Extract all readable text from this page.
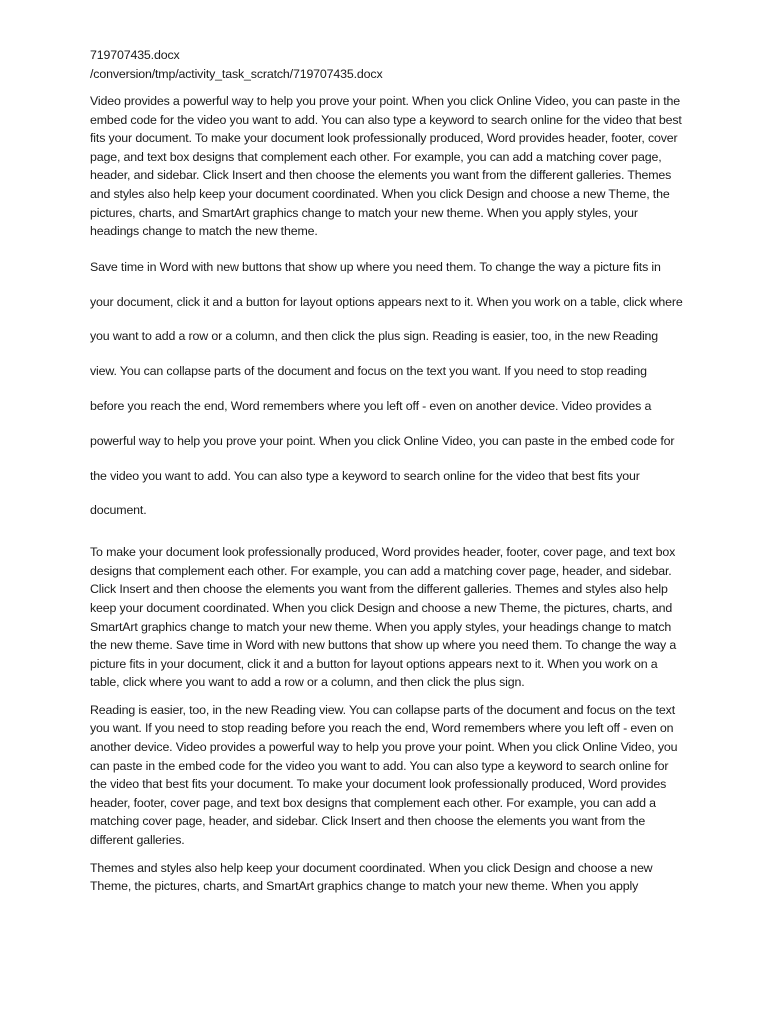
719707435.docx
/conversion/tmp/activity_task_scratch/719707435.docx

Video provides a powerful way to help you prove your point. When you click Online Video, you can paste in the embed code for the video you want to add. You can also type a keyword to search online for the video that best fits your document. To make your document look professionally produced, Word provides header, footer, cover page, and text box designs that complement each other. For example, you can add a matching cover page, header, and sidebar. Click Insert and then choose the elements you want from the different galleries. Themes and styles also help keep your document coordinated. When you click Design and choose a new Theme, the pictures, charts, and SmartArt graphics change to match your new theme. When you apply styles, your headings change to match the new theme.

Save time in Word with new buttons that show up where you need them. To change the way a picture fits in your document, click it and a button for layout options appears next to it. When you work on a table, click where you want to add a row or a column, and then click the plus sign. Reading is easier, too, in the new Reading view. You can collapse parts of the document and focus on the text you want. If you need to stop reading before you reach the end, Word remembers where you left off - even on another device. Video provides a powerful way to help you prove your point. When you click Online Video, you can paste in the embed code for the video you want to add. You can also type a keyword to search online for the video that best fits your document.

To make your document look professionally produced, Word provides header, footer, cover page, and text box designs that complement each other. For example, you can add a matching cover page, header, and sidebar. Click Insert and then choose the elements you want from the different galleries. Themes and styles also help keep your document coordinated. When you click Design and choose a new Theme, the pictures, charts, and SmartArt graphics change to match your new theme. When you apply styles, your headings change to match the new theme. Save time in Word with new buttons that show up where you need them. To change the way a picture fits in your document, click it and a button for layout options appears next to it. When you work on a table, click where you want to add a row or a column, and then click the plus sign.

Reading is easier, too, in the new Reading view. You can collapse parts of the document and focus on the text you want. If you need to stop reading before you reach the end, Word remembers where you left off - even on another device. Video provides a powerful way to help you prove your point. When you click Online Video, you can paste in the embed code for the video you want to add. You can also type a keyword to search online for the video that best fits your document. To make your document look professionally produced, Word provides header, footer, cover page, and text box designs that complement each other. For example, you can add a matching cover page, header, and sidebar. Click Insert and then choose the elements you want from the different galleries.

Themes and styles also help keep your document coordinated. When you click Design and choose a new Theme, the pictures, charts, and SmartArt graphics change to match your new theme. When you apply
